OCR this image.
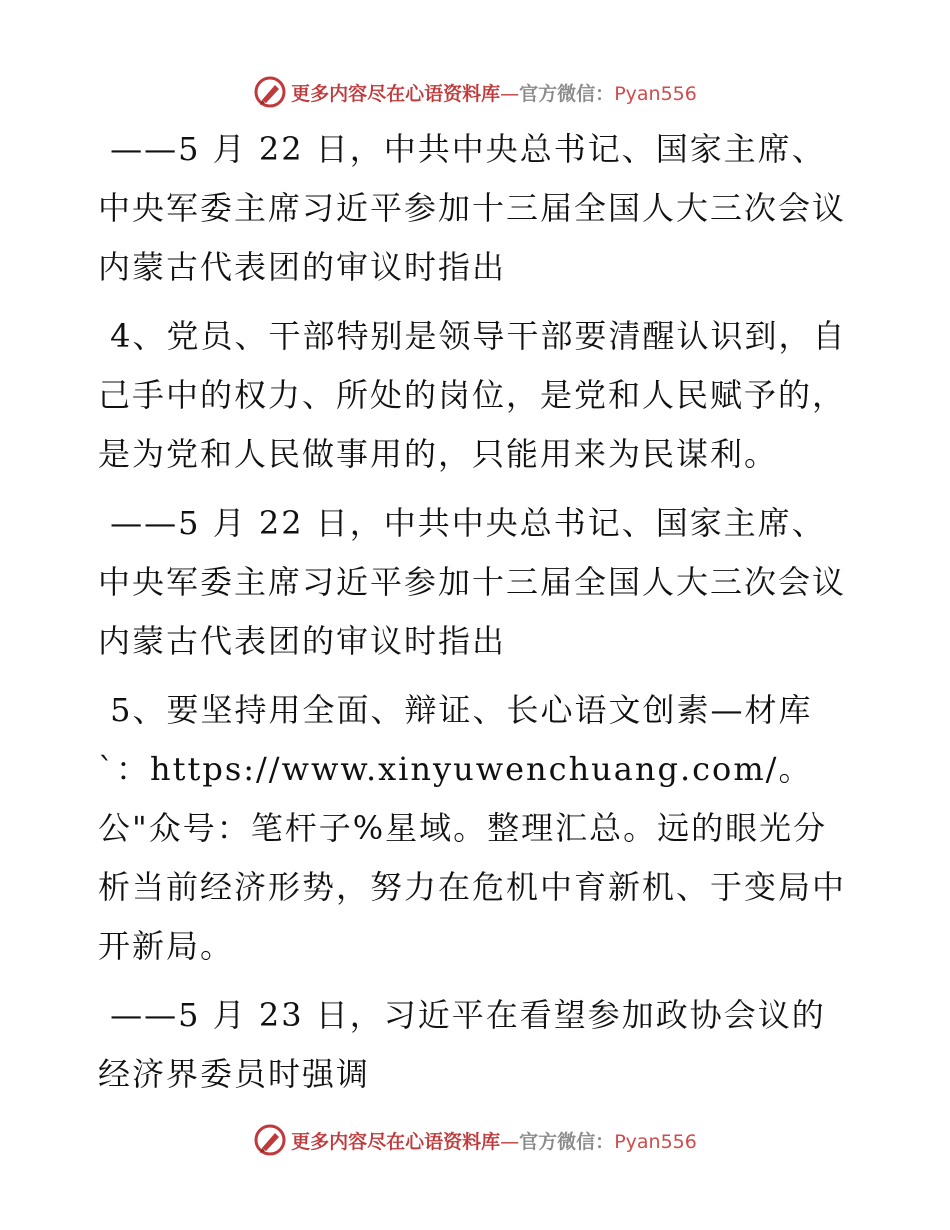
更多内容尽在心语资料库—官方微信：Pyan556

——5 月 22 日，中共中央总书记、国家主席、中央军委主席习近平参加十三届全国人大三次会议内蒙古代表团的审议时指出

4、党员、干部特别是领导干部要清醒认识到，自己手中的权力、所处的岗位，是党和人民赋予的，是为党和人民做事用的，只能用来为民谋利。

——5 月 22 日，中共中央总书记、国家主席、中央军委主席习近平参加十三届全国人大三次会议内蒙古代表团的审议时指出

5、要坚持用全面、辩证、长心语文创素—材库`：https://www.xinyuwenchuang.com/。公"众号：笔杆子%星域。整理汇总。远的眼光分析当前经济形势，努力在危机中育新机、于变局中开新局。

——5 月 23 日，习近平在看望参加政协会议的经济界委员时强调

更多内容尽在心语资料库—官方微信：Pyan556
